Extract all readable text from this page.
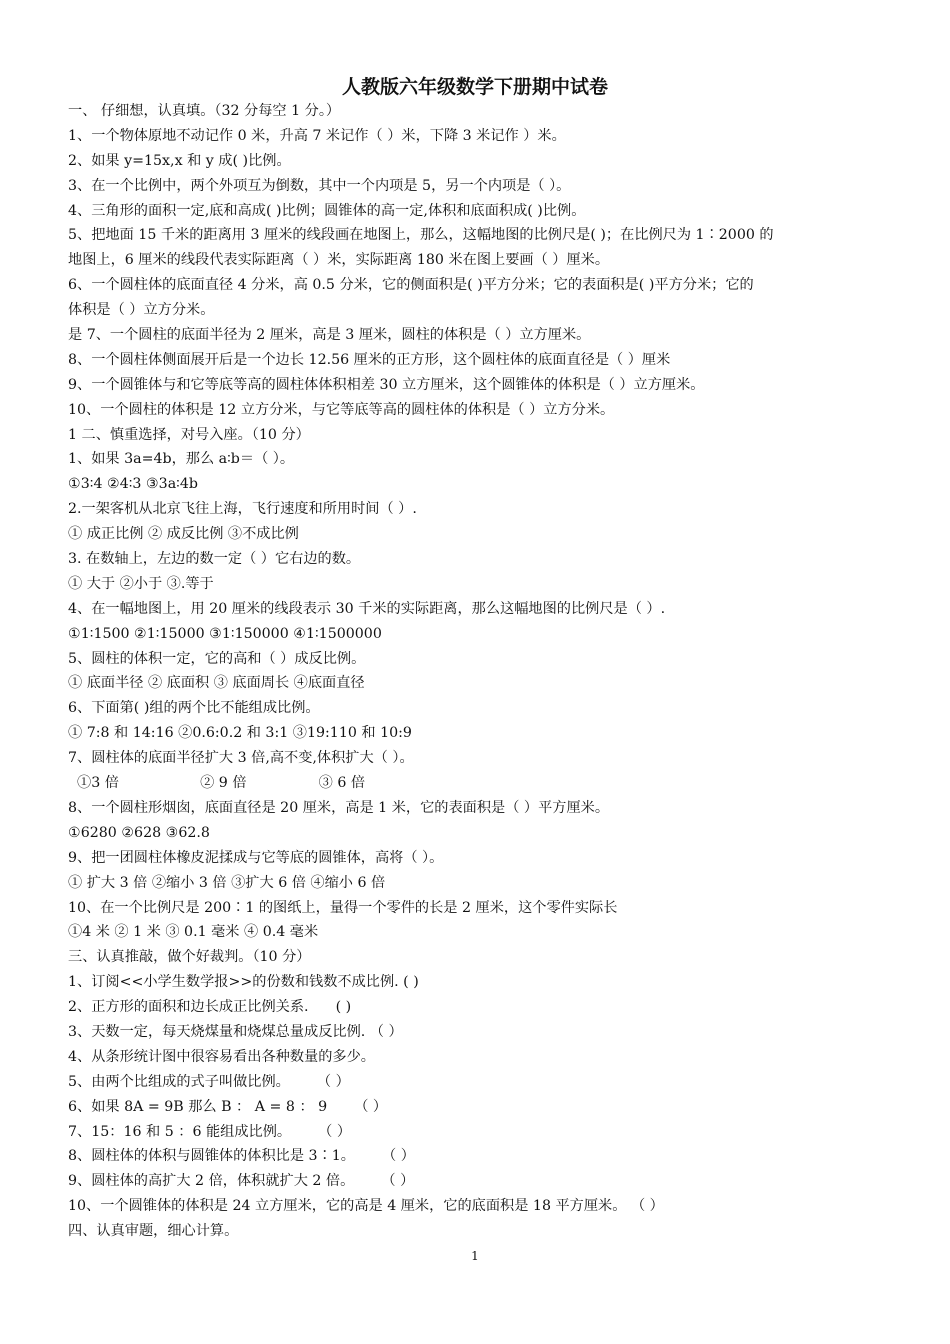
人教版六年级数学下册期中试卷
一、 仔细想，认真填。（32 分每空 1 分。）
1、一个物体原地不动记作 0 米，升高 7 米记作（ ）米，下降 3 米记作 ）米。
2、如果 y=15x,x 和 y 成( )比例。
3、在一个比例中，两个外项互为倒数，其中一个内项是 5，另一个内项是（ ）。
4、三角形的面积一定,底和高成( )比例；圆锥体的高一定,体积和底面积成( )比例。
5、把地面 15 千米的距离用 3 厘米的线段画在地图上，那么，这幅地图的比例尺是( )；在比例尺为 1∶2000 的
地图上，6 厘米的线段代表实际距离（ ）米，实际距离 180 米在图上要画（ ）厘米。
6、一个圆柱体的底面直径 4 分米，高 0.5 分米，它的侧面积是( )平方分米；它的表面积是( )平方分米；它的
体积是（ ）立方分米。
是 7、一个圆柱的底面半径为 2 厘米，高是 3 厘米，圆柱的体积是（ ）立方厘米。
8、一个圆柱体侧面展开后是一个边长 12.56 厘米的正方形，这个圆柱体的底面直径是（ ）厘米
9、一个圆锥体与和它等底等高的圆柱体体积相差 30 立方厘米，这个圆锥体的体积是（ ）立方厘米。
10、一个圆柱的体积是 12 立方分米，与它等底等高的圆柱体的体积是（ ）立方分米。
1 二、慎重选择，对号入座。（10 分）
1、如果 3a=4b，那么 a∶b＝（ ）。
①3∶4 ②4∶3 ③3a∶4b
2.一架客机从北京飞往上海，飞行速度和所用时间（ ）.
① 成正比例 ② 成反比例 ③不成比例
3. 在数轴上，左边的数一定（ ）它右边的数。
① 大于 ②小于 ③.等于
4、在一幅地图上，用 20 厘米的线段表示 30 千米的实际距离，那么这幅地图的比例尺是（ ）.
①1∶1500 ②1∶15000 ③1∶150000 ④1∶1500000
5、圆柱的体积一定，它的高和（ ）成反比例。
① 底面半径 ② 底面积 ③ 底面周长 ④底面直径
6、下面第( )组的两个比不能组成比例。
① 7:8 和 14:16 ②0.6:0.2 和 3:1 ③19:110 和 10:9
7、圆柱体的底面半径扩大 3 倍,高不变,体积扩大（ ）。
①3 倍                  ② 9 倍                ③ 6 倍
8、一个圆柱形烟囱，底面直径是 20 厘米，高是 1 米，它的表面积是（ ）平方厘米。
①6280 ②628 ③62.8
9、把一团圆柱体橡皮泥揉成与它等底的圆锥体，高将（ ）。
① 扩大 3 倍 ②缩小 3 倍 ③扩大 6 倍 ④缩小 6 倍
10、在一个比例尺是 200∶1 的图纸上，量得一个零件的长是 2 厘米，这个零件实际长
①4 米 ② 1 米 ③ 0.1 毫米 ④ 0.4 毫米
三、认真推敲，做个好裁判。（10 分）
1、订阅<<小学生数学报>>的份数和钱数不成比例. ( )
2、正方形的面积和边长成正比例关系.      ( )
3、天数一定，每天烧煤量和烧煤总量成反比例. （ ）
4、从条形统计图中很容易看出各种数量的多少。
5、由两个比组成的式子叫做比例。      （ ）
6、如果 8A = 9B 那么 B ： A = 8 ： 9      （ ）
7、15：16 和 5 ：6 能组成比例。      （ ）
8、圆柱体的体积与圆锥体的体积比是 3∶1。      （ ）
9、圆柱体的高扩大 2 倍，体积就扩大 2 倍。      （ ）
10、一个圆锥体的体积是 24 立方厘米，它的高是 4 厘米，它的底面积是 18 平方厘米。 （ ）
四、认真审题，细心计算。
1
